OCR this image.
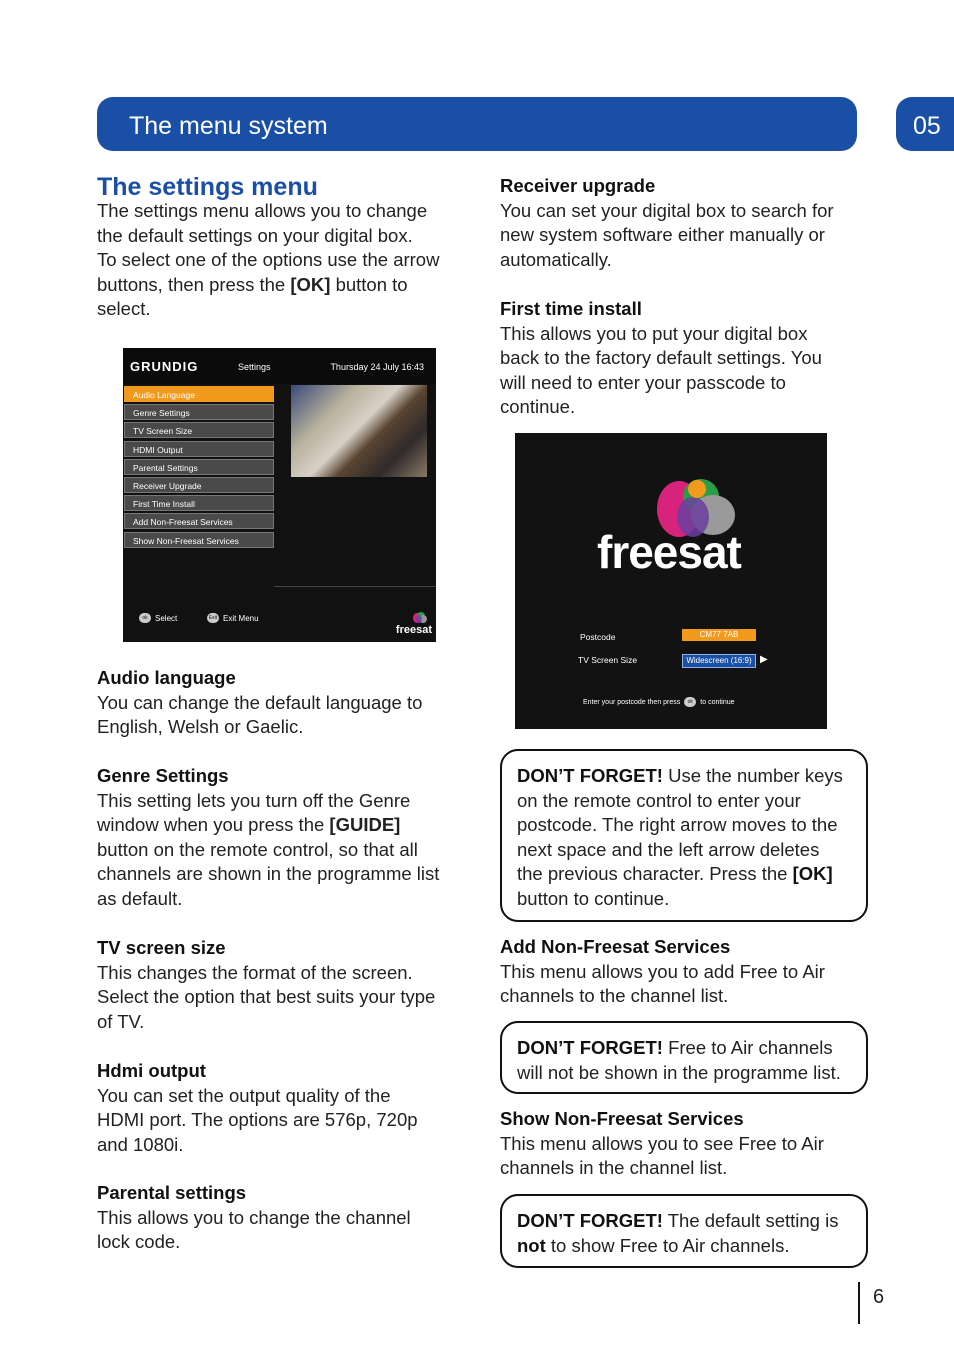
The menu system	05
The settings menu
The settings menu allows you to change
the default settings on your digital box.
To select one of the options use the arrow
buttons, then press the [OK] button to
select.
GRUNDIG	Settings	Thursday 24 July 16:43
Audio Language
Genre Settings
TV Screen Size
HDMI Output
Parental Settings
Receiver Upgrade
First Time Install
Add Non-Freesat Services
Show Non-Freesat Services
ok Select	Exit Exit Menu
freesat
Audio language

You can change the default language to

English, Welsh or Gaelic.

Genre Settings

This setting lets you turn off the Genre

window when you press the [GUIDE]

button on the remote control, so that all

channels are shown in the programme list

as default.

TV screen size

This changes the format of the screen.

Select the option that best suits your type

of TV.

Hdmi output

You can set the output quality of the

HDMI port. The options are 576p, 720p

and 1080i.

Parental settings

This allows you to change the channel

lock code.

Receiver upgrade

You can set your digital box to search for

new system software either manually or

automatically.

First time install

This allows you to put your digital box

back to the factory default settings. You

will need to enter your passcode to

continue.

freesat
Postcode	CM77 7AB
TV Screen Size	Widescreen (16:9) ▶
Enter your postcode then press	ok	to continue
DON’T FORGET! Use the number keys
on the remote control to enter your
postcode. The right arrow moves to the
next space and the left arrow deletes
the previous character. Press the [OK]
button to continue.
Add Non-Freesat Services

This menu allows you to add Free to Air

channels to the channel list.

DON’T FORGET! Free to Air channels
will not be shown in the programme list.
Show Non-Freesat Services

This menu allows you to see Free to Air

channels in the channel list.

DON’T FORGET! The default setting is
not to show Free to Air channels.
6
